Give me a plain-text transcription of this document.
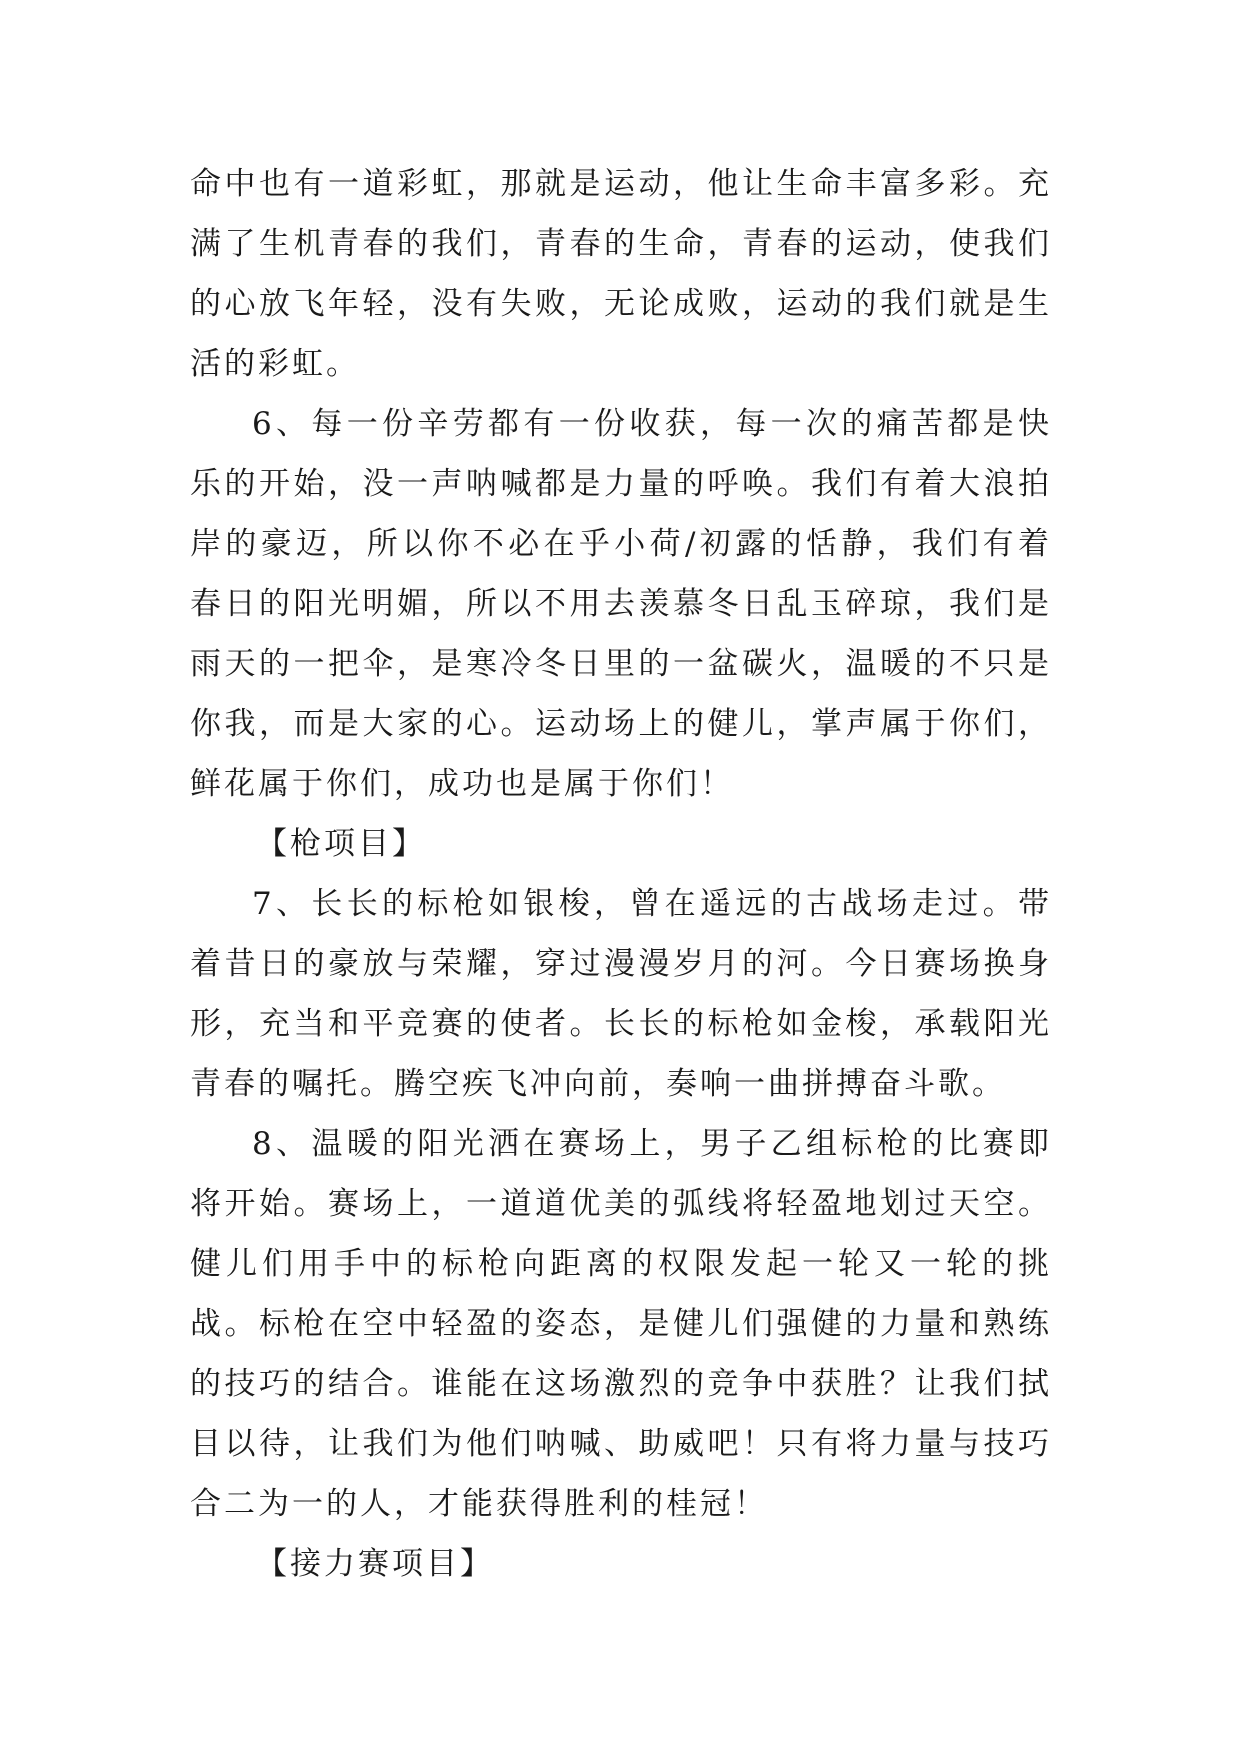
命中也有一道彩虹，那就是运动，他让生命丰富多彩。充满了生机青春的我们，青春的生命，青春的运动，使我们的心放飞年轻，没有失败，无论成败，运动的我们就是生活的彩虹。

6、每一份辛劳都有一份收获，每一次的痛苦都是快乐的开始，没一声呐喊都是力量的呼唤。我们有着大浪拍岸的豪迈，所以你不必在乎小荷/初露的恬静，我们有着春日的阳光明媚，所以不用去羡慕冬日乱玉碎琼，我们是雨天的一把伞，是寒冷冬日里的一盆碳火，温暖的不只是你我，而是大家的心。运动场上的健儿，掌声属于你们，鲜花属于你们，成功也是属于你们！

【枪项目】

7、长长的标枪如银梭，曾在遥远的古战场走过。带着昔日的豪放与荣耀，穿过漫漫岁月的河。今日赛场换身形，充当和平竞赛的使者。长长的标枪如金梭，承载阳光青春的嘱托。腾空疾飞冲向前，奏响一曲拼搏奋斗歌。

8、温暖的阳光洒在赛场上，男子乙组标枪的比赛即将开始。赛场上，一道道优美的弧线将轻盈地划过天空。健儿们用手中的标枪向距离的权限发起一轮又一轮的挑战。标枪在空中轻盈的姿态，是健儿们强健的力量和熟练的技巧的结合。谁能在这场激烈的竞争中获胜？让我们拭目以待，让我们为他们呐喊、助威吧！只有将力量与技巧合二为一的人，才能获得胜利的桂冠！

【接力赛项目】
